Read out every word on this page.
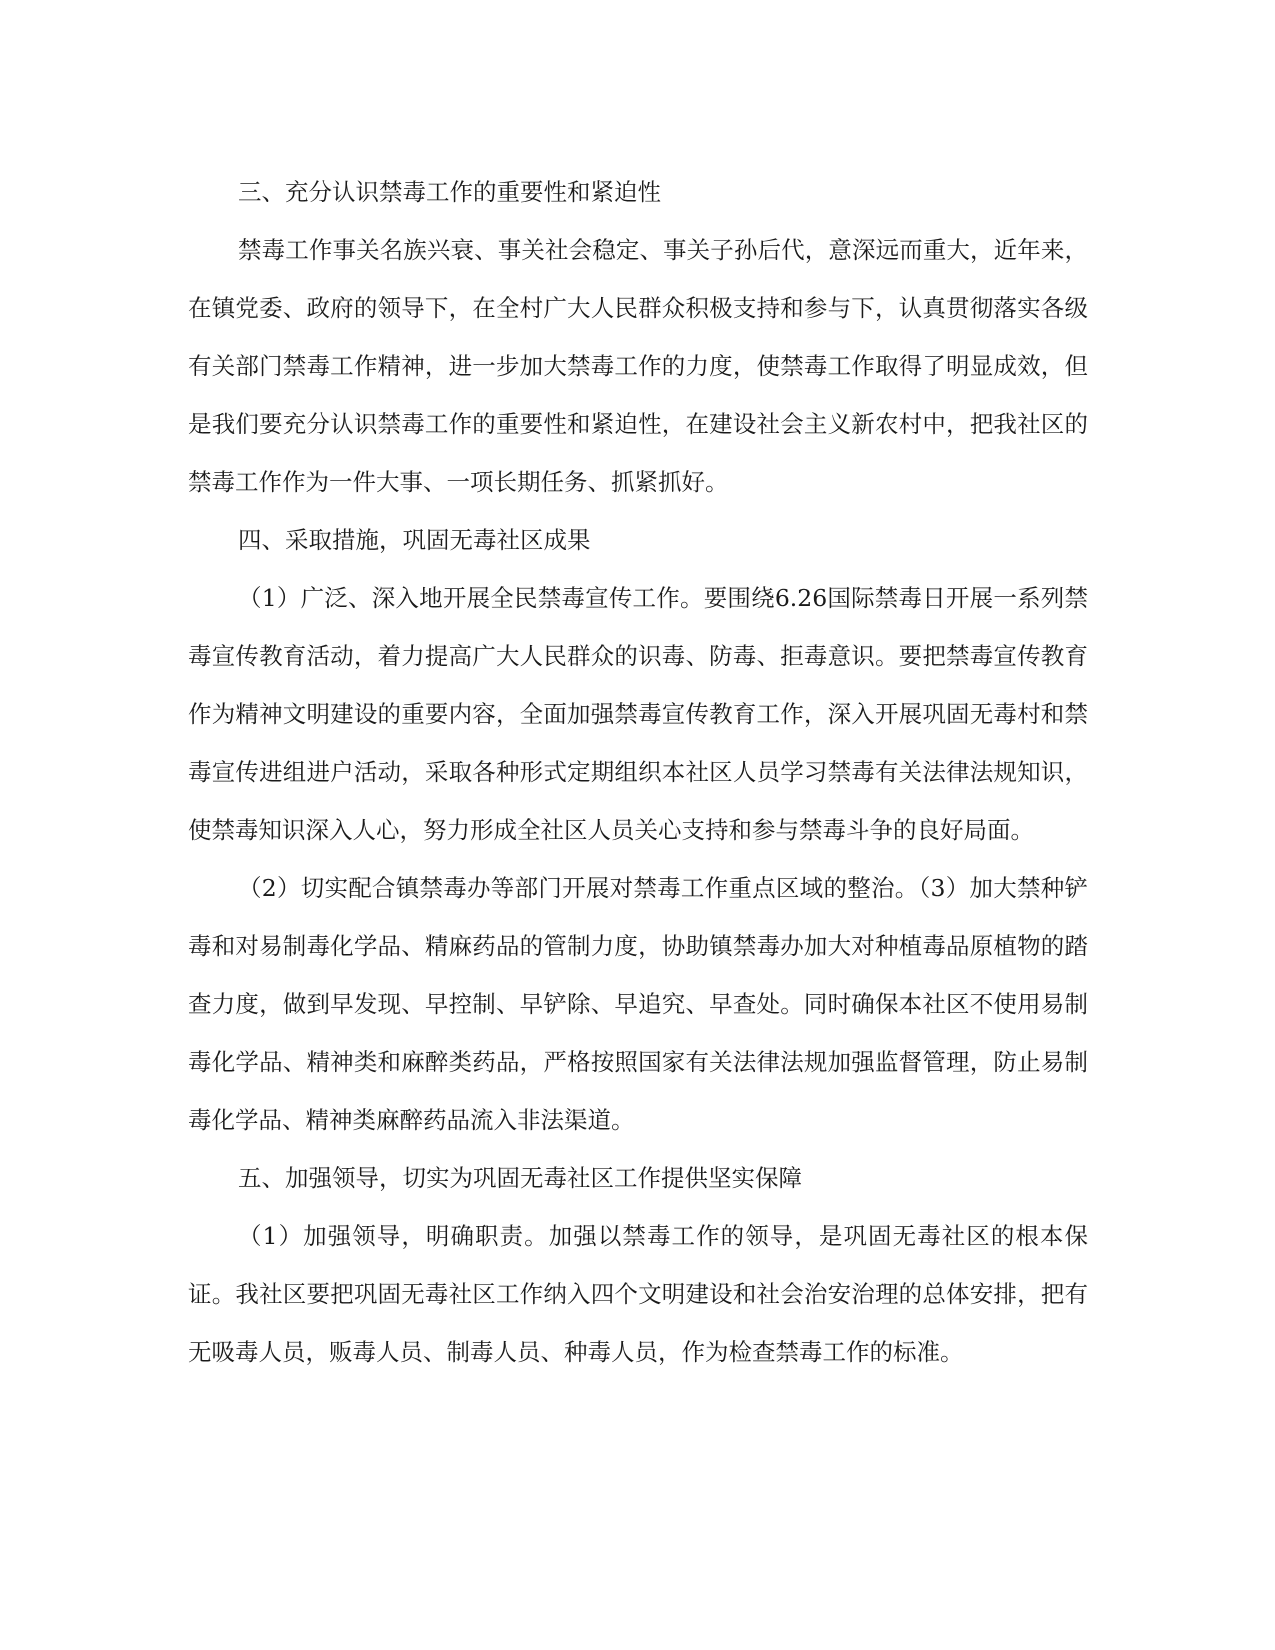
三、充分认识禁毒工作的重要性和紧迫性

禁毒工作事关名族兴衰、事关社会稳定、事关子孙后代，意深远而重大，近年来，在镇党委、政府的领导下，在全村广大人民群众积极支持和参与下，认真贯彻落实各级有关部门禁毒工作精神，进一步加大禁毒工作的力度，使禁毒工作取得了明显成效，但是我们要充分认识禁毒工作的重要性和紧迫性，在建设社会主义新农村中，把我社区的禁毒工作作为一件大事、一项长期任务、抓紧抓好。

四、采取措施，巩固无毒社区成果

（1）广泛、深入地开展全民禁毒宣传工作。要围绕6.26国际禁毒日开展一系列禁毒宣传教育活动，着力提高广大人民群众的识毒、防毒、拒毒意识。要把禁毒宣传教育作为精神文明建设的重要内容，全面加强禁毒宣传教育工作，深入开展巩固无毒村和禁毒宣传进组进户活动，采取各种形式定期组织本社区人员学习禁毒有关法律法规知识，使禁毒知识深入人心，努力形成全社区人员关心支持和参与禁毒斗争的良好局面。

（2）切实配合镇禁毒办等部门开展对禁毒工作重点区域的整治。（3）加大禁种铲毒和对易制毒化学品、精麻药品的管制力度，协助镇禁毒办加大对种植毒品原植物的踏查力度，做到早发现、早控制、早铲除、早追究、早查处。同时确保本社区不使用易制毒化学品、精神类和麻醉类药品，严格按照国家有关法律法规加强监督管理，防止易制毒化学品、精神类麻醉药品流入非法渠道。

五、加强领导，切实为巩固无毒社区工作提供坚实保障

（1）加强领导，明确职责。加强以禁毒工作的领导，是巩固无毒社区的根本保证。我社区要把巩固无毒社区工作纳入四个文明建设和社会治安治理的总体安排，把有无吸毒人员，贩毒人员、制毒人员、种毒人员，作为检查禁毒工作的标准。
